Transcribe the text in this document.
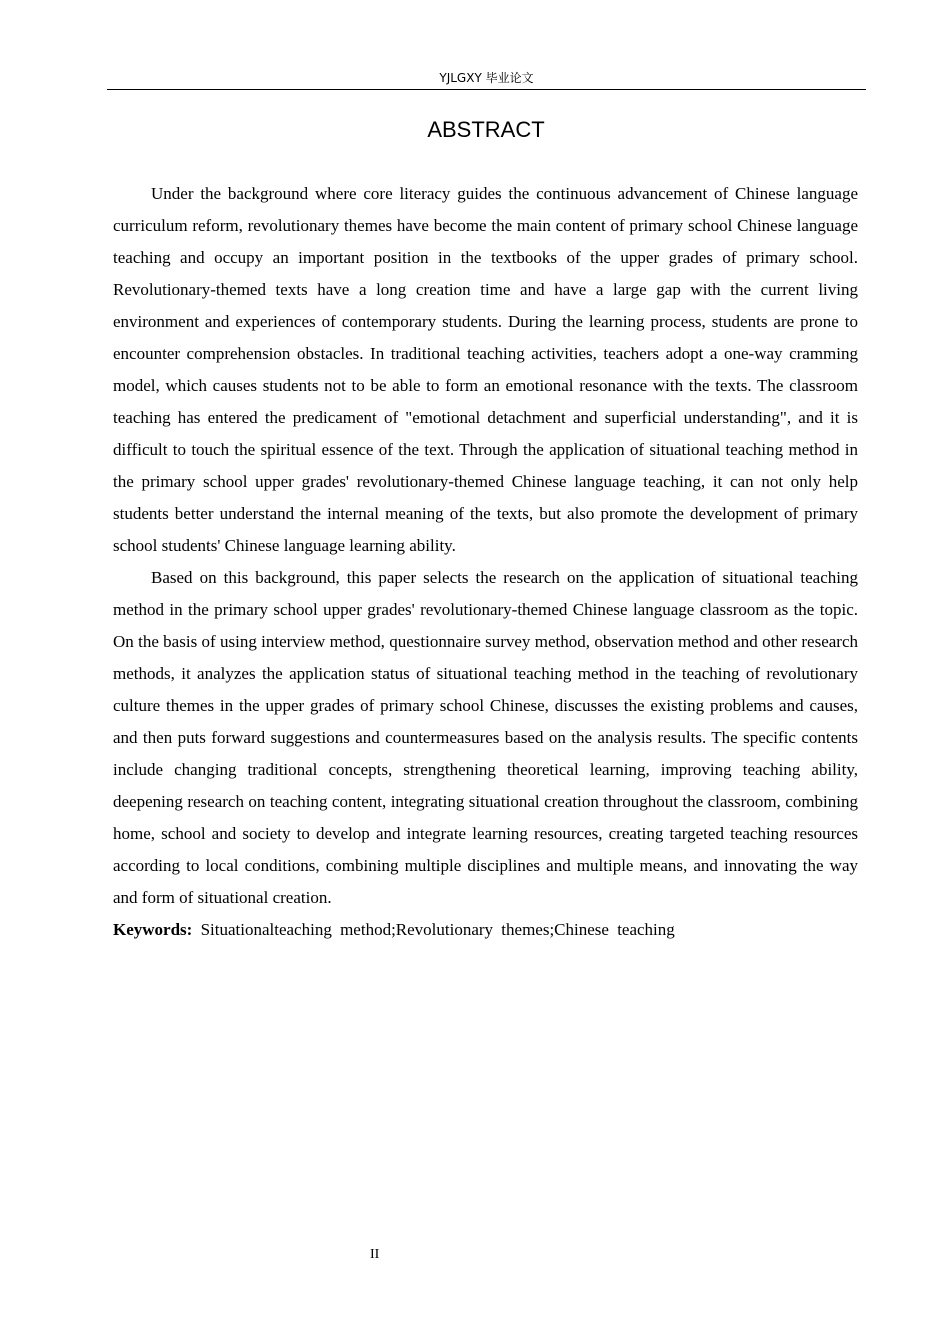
YJLGXY 毕业论文
ABSTRACT

Under the background where core literacy guides the continuous advancement of Chinese language curriculum reform, revolutionary themes have become the main content of primary school Chinese language teaching and occupy an important position in the textbooks of the upper grades of primary school. Revolutionary-themed texts have a long creation time and have a large gap with the current living environment and experiences of contemporary students. During the learning process, students are prone to encounter comprehension obstacles. In traditional teaching activities, teachers adopt a one-way cramming model, which causes students not to be able to form an emotional resonance with the texts. The classroom teaching has entered the predicament of "emotional detachment and superficial understanding", and it is difficult to touch the spiritual essence of the text. Through the application of situational teaching method in the primary school upper grades' revolutionary-themed Chinese language teaching, it can not only help students better understand the internal meaning of the texts, but also promote the development of primary school students' Chinese language learning ability.

Based on this background, this paper selects the research on the application of situational teaching method in the primary school upper grades' revolutionary-themed Chinese language classroom as the topic. On the basis of using interview method, questionnaire survey method, observation method and other research methods, it analyzes the application status of situational teaching method in the teaching of revolutionary culture themes in the upper grades of primary school Chinese, discusses the existing problems and causes, and then puts forward suggestions and countermeasures based on the analysis results. The specific contents include changing traditional concepts, strengthening theoretical learning, improving teaching ability, deepening research on teaching content, integrating situational creation throughout the classroom, combining home, school and society to develop and integrate learning resources, creating targeted teaching resources according to local conditions, combining multiple disciplines and multiple means, and innovating the way and form of situational creation.

Keywords: Situationalteaching method;Revolutionary themes;Chinese teaching

II
